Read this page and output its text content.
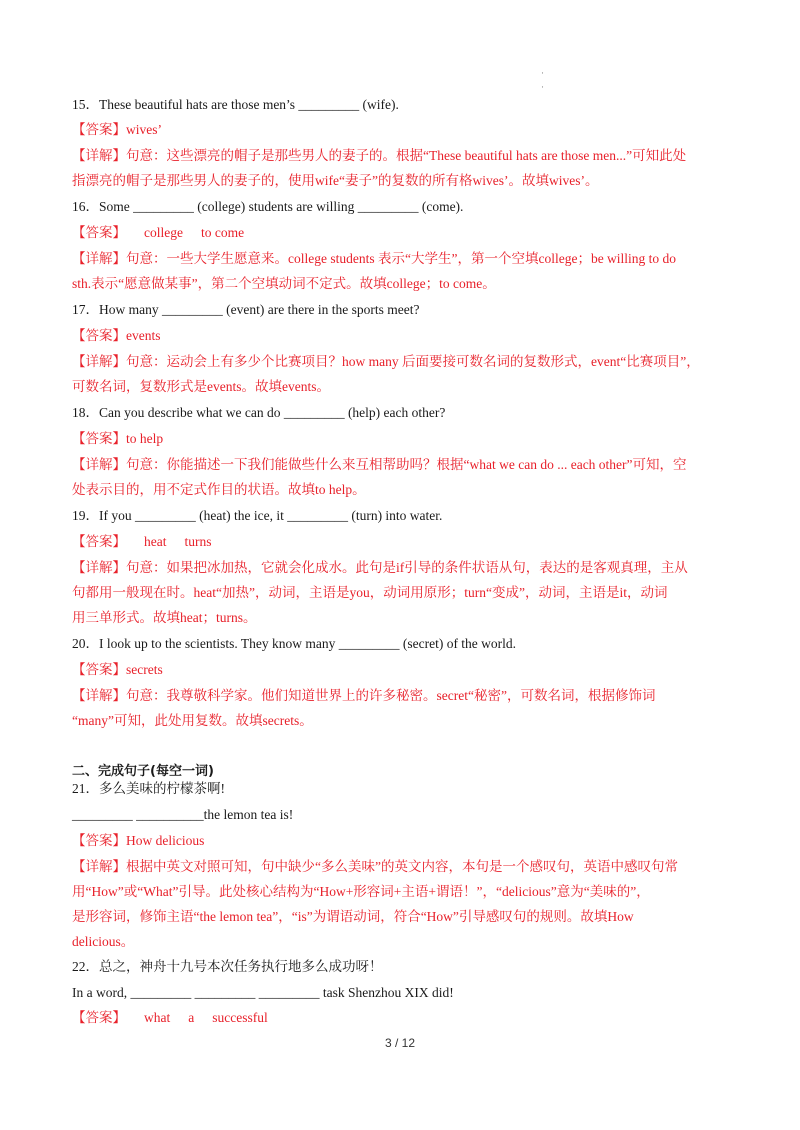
·
·
15．These beautiful hats are those men’s _________ (wife).
【答案】wives’
【详解】句意：这些漂亮的帽子是那些男人的妻子的。根据“These beautiful hats are those men...”可知此处
指漂亮的帽子是那些男人的妻子的，使用wife“妻子”的复数的所有格wives’。故填wives’。
16．Some _________ (college) students are willing _________ (come).
【答案】 college to come
【详解】句意：一些大学生愿意来。college students 表示“大学生”，第一个空填college；be willing to do
sth.表示“愿意做某事”，第二个空填动词不定式。故填college；to come。
17．How many _________ (event) are there in the sports meet?
【答案】events
【详解】句意：运动会上有多少个比赛项目？how many 后面要接可数名词的复数形式，event“比赛项目”，
可数名词，复数形式是events。故填events。
18．Can you describe what we can do _________ (help) each other?
【答案】to help
【详解】句意：你能描述一下我们能做些什么来互相帮助吗？根据“what we can do ... each other”可知，空
处表示目的，用不定式作目的状语。故填to help。
19．If you _________ (heat) the ice, it _________ (turn) into water.
【答案】 heat turns
【详解】句意：如果把冰加热，它就会化成水。此句是if引导的条件状语从句，表达的是客观真理，主从
句都用一般现在时。heat“加热”，动词，主语是you，动词用原形；turn“变成”，动词，主语是it，动词
用三单形式。故填heat；turns。
20．I look up to the scientists. They know many _________ (secret) of the world.
【答案】secrets
【详解】句意：我尊敬科学家。他们知道世界上的许多秘密。secret“秘密”，可数名词，根据修饰词
“many”可知，此处用复数。故填secrets。
二、完成句子(每空一词)
21．多么美味的柠檬茶啊!
_________ __________the lemon tea is!
【答案】How delicious
【详解】根据中英文对照可知，句中缺少“多么美味”的英文内容，本句是一个感叹句，英语中感叹句常
用“How”或“What”引导。此处核心结构为“How+形容词+主语+谓语！”，“delicious”意为“美味的”，
是形容词，修饰主语“the lemon tea”，“is”为谓语动词，符合“How”引导感叹句的规则。故填How
delicious。
22．总之，神舟十九号本次任务执行地多么成功呀！
In a word, _________ _________ _________ task Shenzhou XIX did!
【答案】 what a successful
3 / 12
